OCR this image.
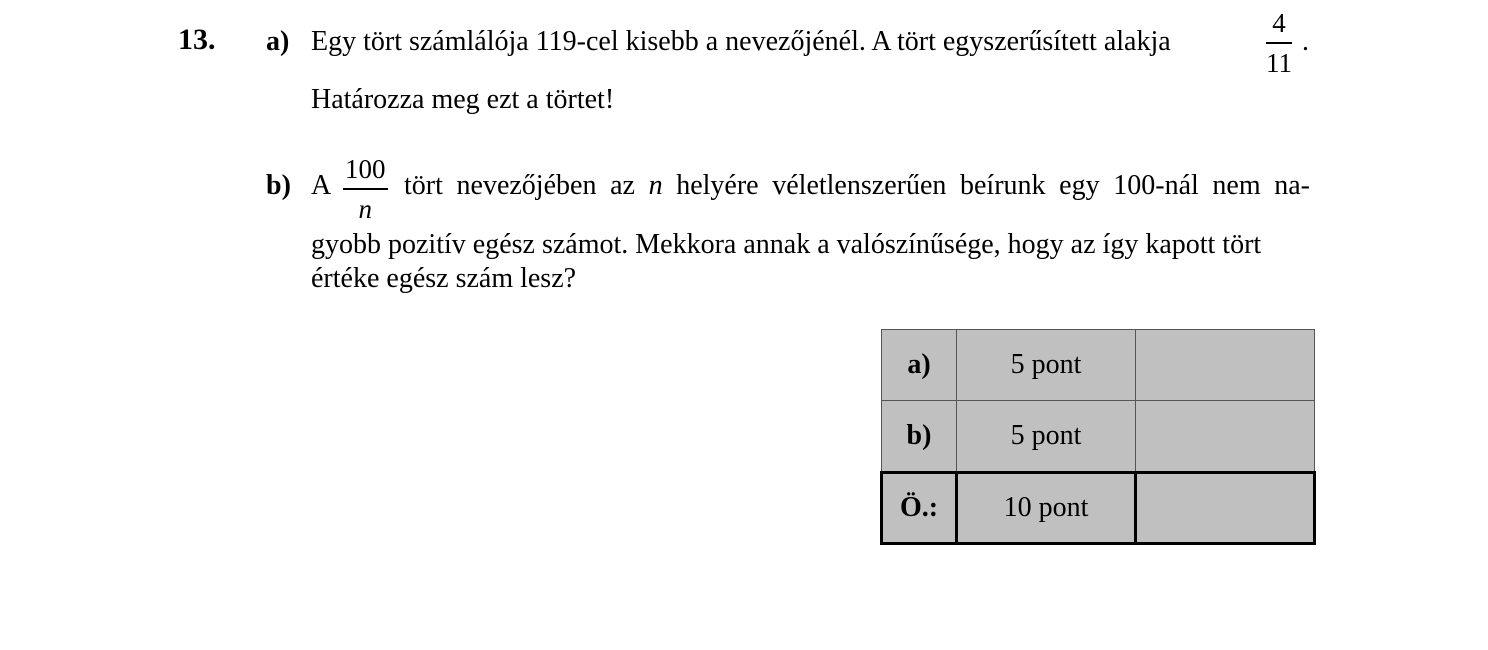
13. a) Egy tört számlálója 119-cel kisebb a nevezőjénél. A tört egyszerűsített alakja
4
11
.
Határozza meg ezt a törtet!
b) A
100
n
tört nevezőjében az n helyére véletlenszerűen beírunk egy 100-nál nem na-
gyobb pozitív egész számot. Mekkora annak a valószínűsége, hogy az így kapott tört
értéke egész szám lesz?
a)	5 pont	
b)	5 pont	
Ö.:	10 pont	
